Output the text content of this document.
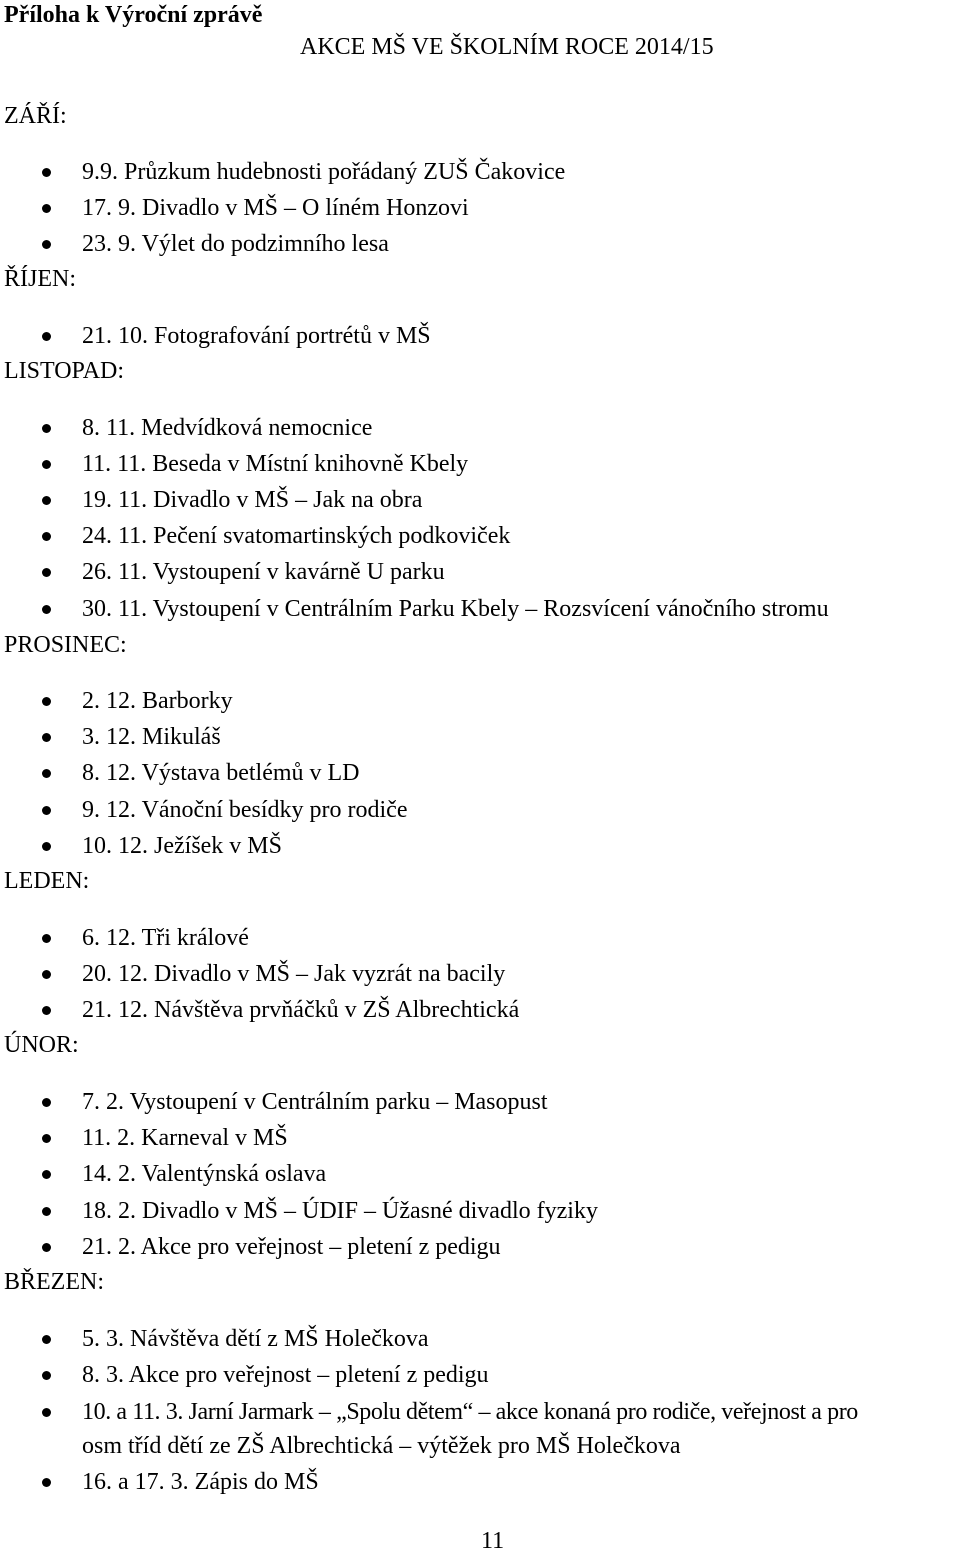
Příloha k Výroční zprávě
AKCE MŠ VE ŠKOLNÍM ROCE 2014/15
ZÁŘÍ:
9.9. Průzkum hudebnosti pořádaný ZUŠ Čakovice
17. 9. Divadlo v MŠ – O líném Honzovi
23. 9. Výlet do podzimního lesa
ŘÍJEN:
21. 10. Fotografování portrétů v MŠ
LISTOPAD:
8. 11. Medvídková nemocnice
11. 11. Beseda v Místní knihovně Kbely
19. 11. Divadlo v MŠ – Jak na obra
24. 11. Pečení svatomartinských podkoviček
26. 11. Vystoupení v kavárně U parku
30. 11. Vystoupení v Centrálním Parku Kbely – Rozsvícení vánočního stromu
PROSINEC:
2. 12. Barborky
3. 12. Mikuláš
8. 12. Výstava betlémů v LD
9. 12. Vánoční besídky pro rodiče
10. 12. Ježíšek v MŠ
LEDEN:
6. 12. Tři králové
20. 12. Divadlo v MŠ – Jak vyzrát na bacily
21. 12. Návštěva prvňáčků v ZŠ Albrechtická
ÚNOR:
7. 2. Vystoupení v Centrálním parku – Masopust
11. 2. Karneval v MŠ
14. 2. Valentýnská oslava
18. 2. Divadlo v MŠ – ÚDIF – Úžasné divadlo fyziky
21. 2. Akce pro veřejnost – pletení z pedigu
BŘEZEN:
5. 3. Návštěva dětí z MŠ Holečkova
8. 3. Akce pro veřejnost – pletení z pedigu
10. a 11. 3. Jarní Jarmark – „Spolu dětem“ – akce konaná pro rodiče, veřejnost a pro
osm tříd dětí ze ZŠ Albrechtická – výtěžek pro MŠ Holečkova
16. a 17. 3. Zápis do MŠ
11
